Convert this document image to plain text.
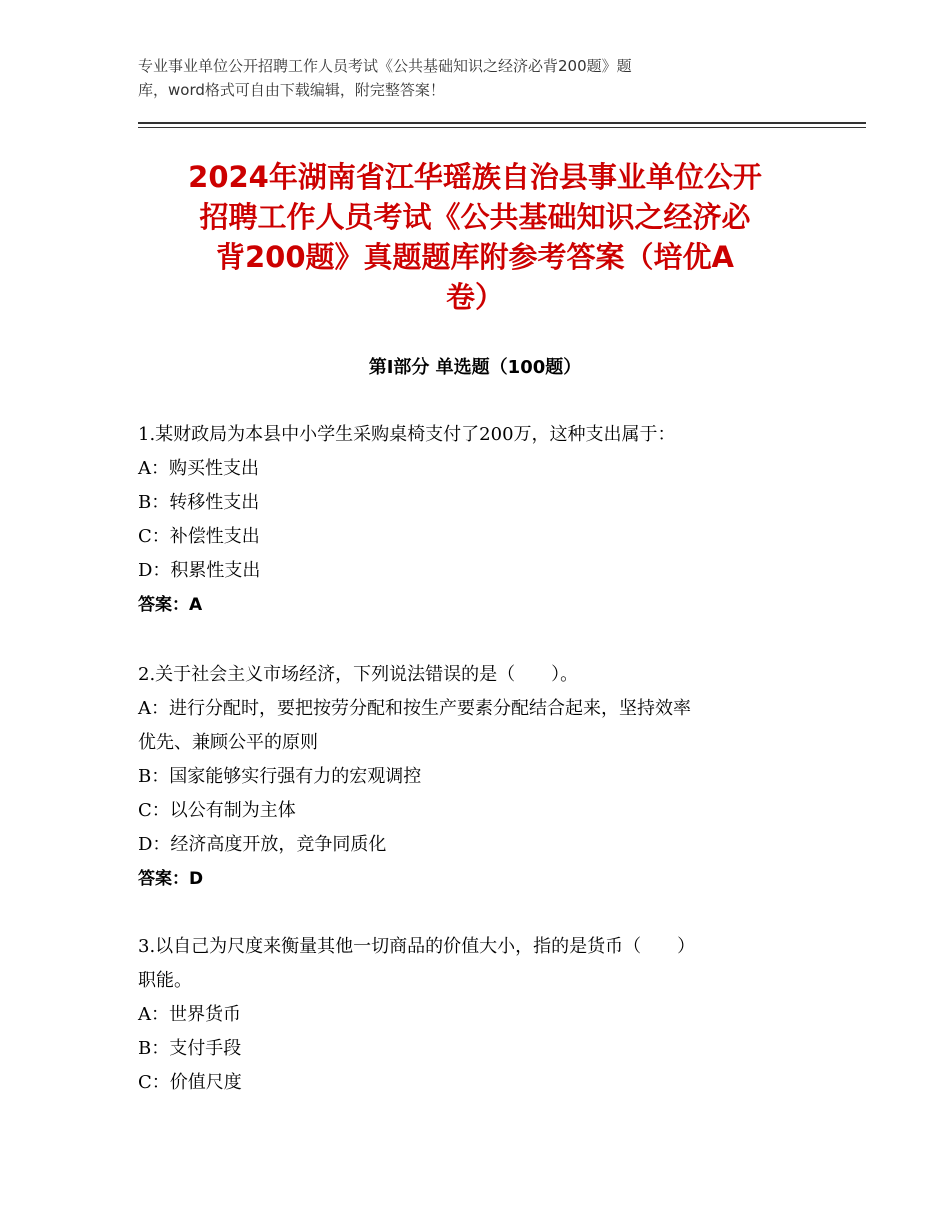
专业事业单位公开招聘工作人员考试《公共基础知识之经济必背200题》题
库，word格式可自由下载编辑，附完整答案！
2024年湖南省江华瑶族自治县事业单位公开
招聘工作人员考试《公共基础知识之经济必
背200题》真题题库附参考答案（培优A
卷）
第Ⅰ部分 单选题（100题）
1.某财政局为本县中小学生采购桌椅支付了200万，这种支出属于：
A：购买性支出
B：转移性支出
C：补偿性支出
D：积累性支出
答案：A
2.关于社会主义市场经济，下列说法错误的是（　　）。
A：进行分配时，要把按劳分配和按生产要素分配结合起来，坚持效率
优先、兼顾公平的原则
B：国家能够实行强有力的宏观调控
C：以公有制为主体
D：经济高度开放，竞争同质化
答案：D
3.以自己为尺度来衡量其他一切商品的价值大小，指的是货币（　　）
职能。
A：世界货币
B：支付手段
C：价值尺度
